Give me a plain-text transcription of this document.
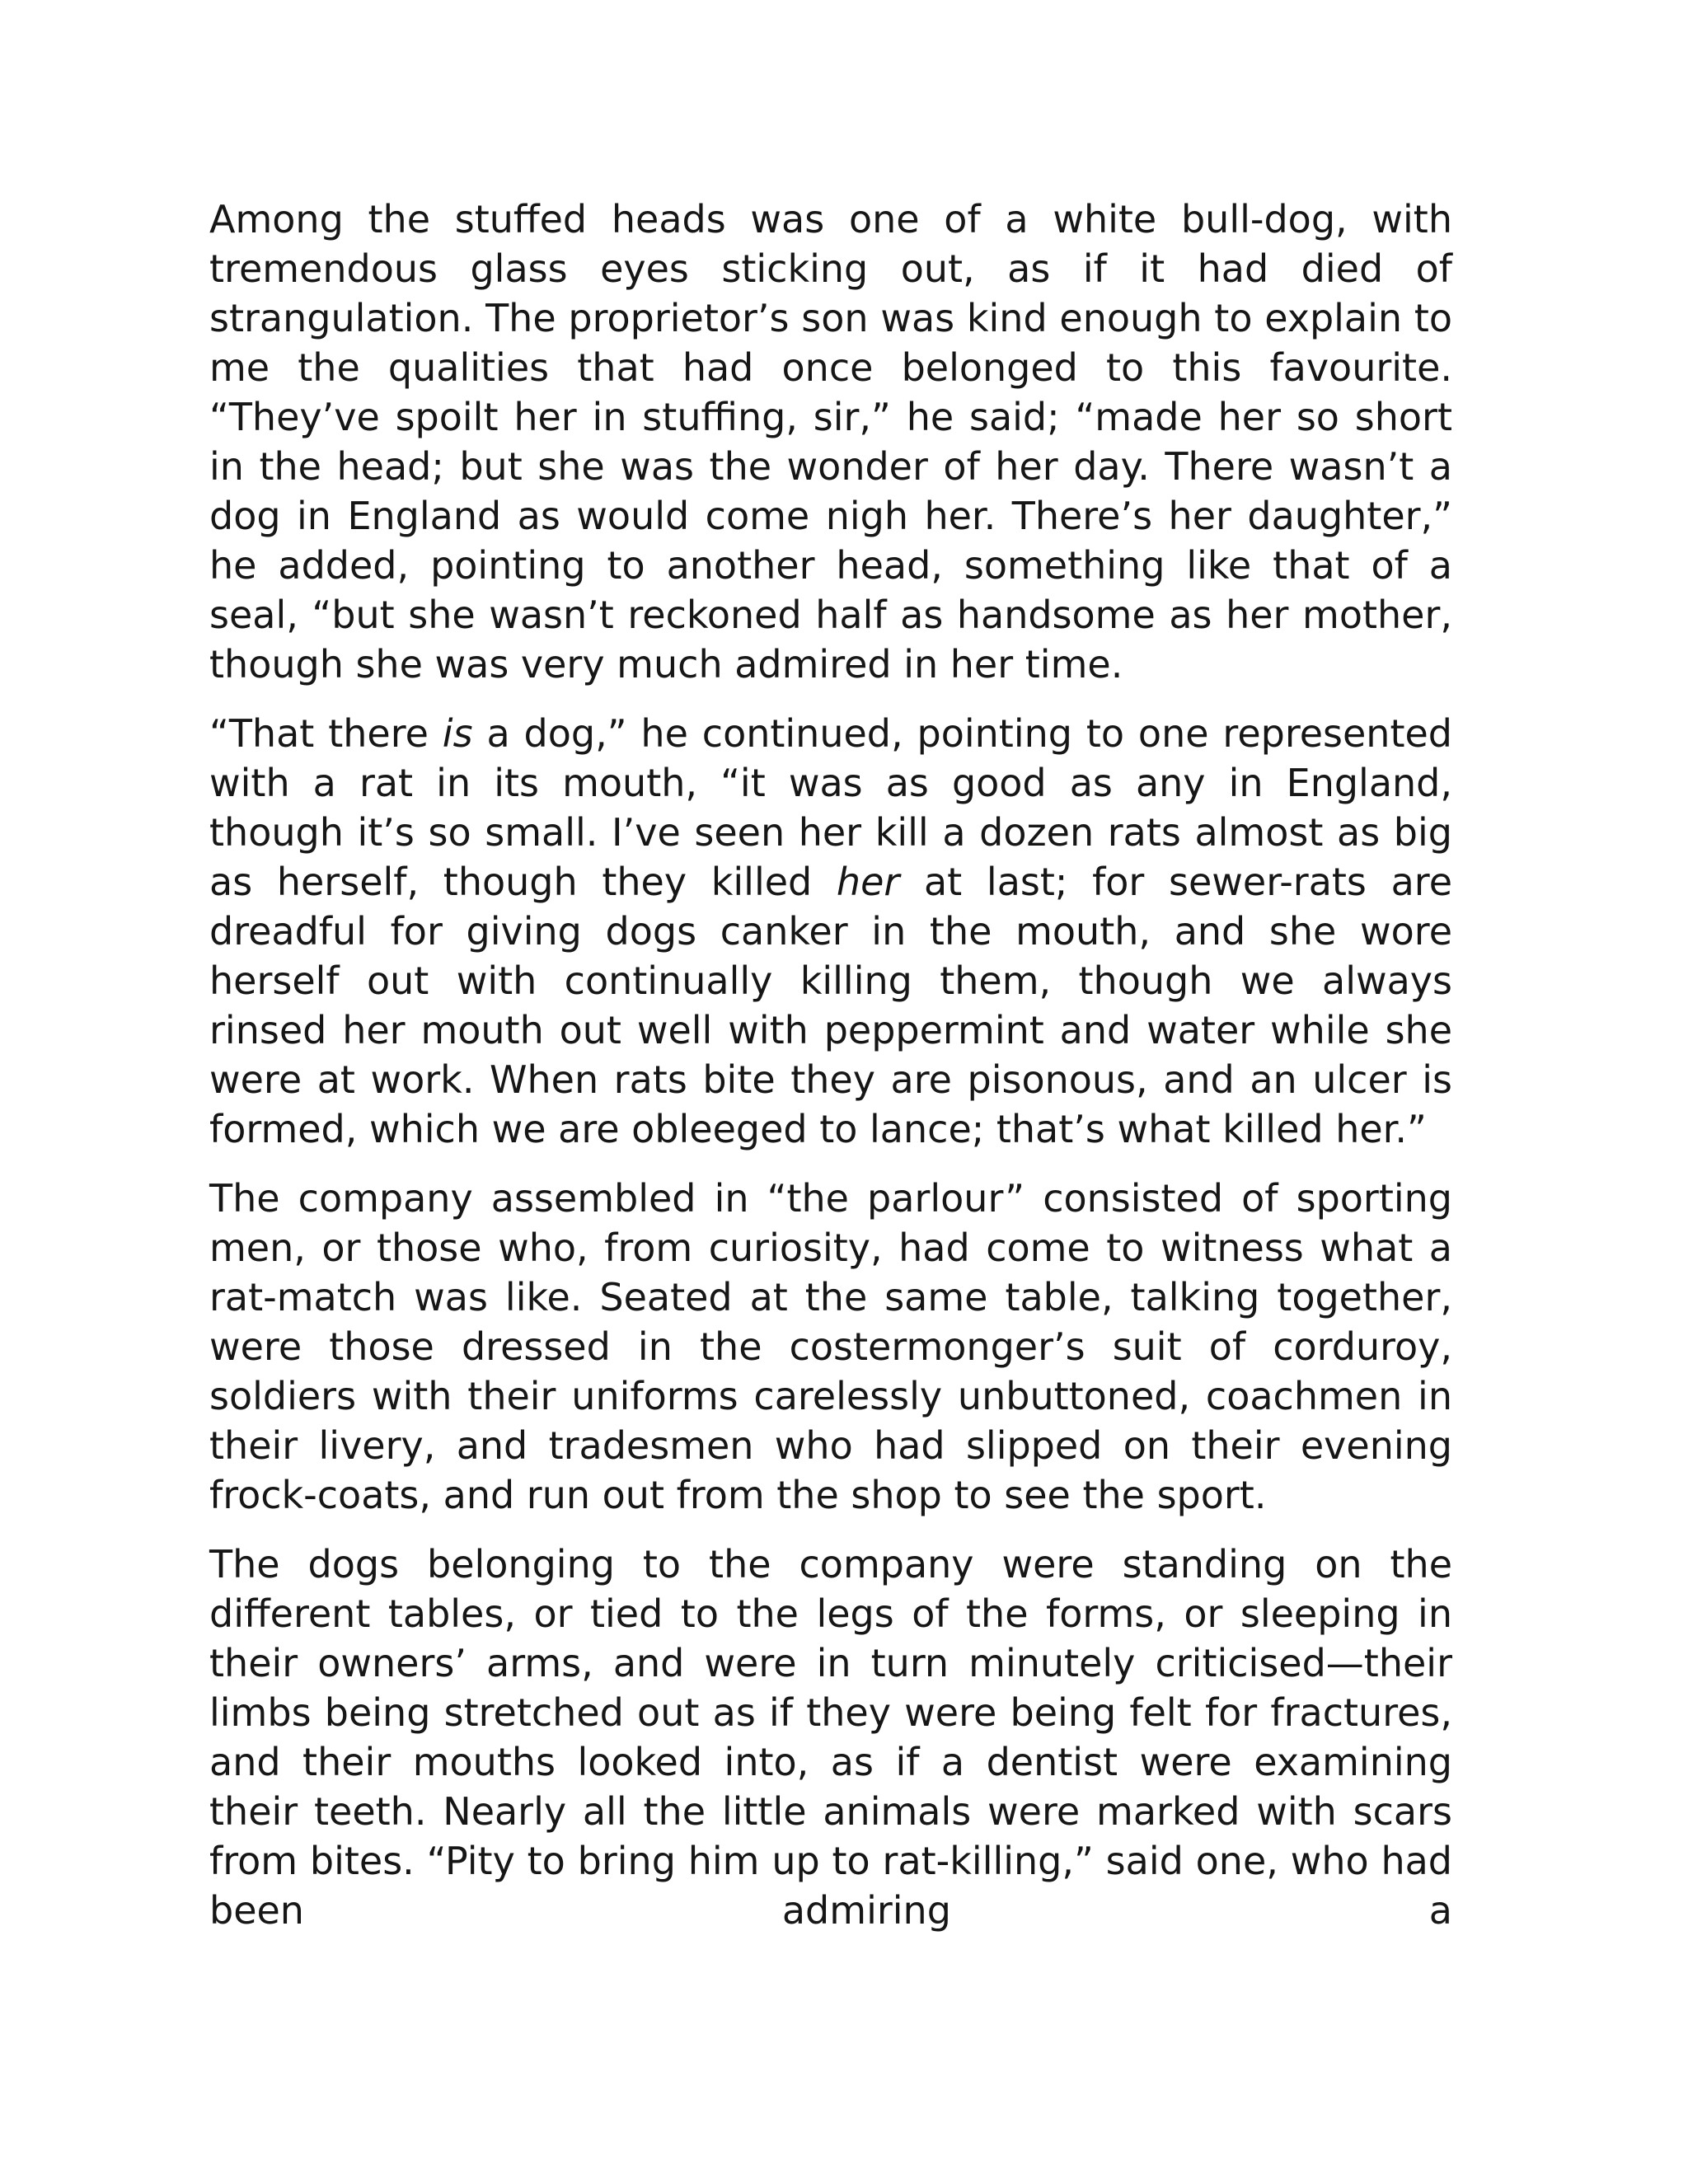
Among the stuffed heads was one of a white bull-dog, with tremendous glass eyes sticking out, as if it had died of strangulation. The proprietor’s son was kind enough to explain to me the qualities that had once belonged to this favourite. “They’ve spoilt her in stuffing, sir,” he said; “made her so short in the head; but she was the wonder of her day. There wasn’t a dog in England as would come nigh her. There’s her daughter,” he added, pointing to another head, something like that of a seal, “but she wasn’t reckoned half as handsome as her mother, though she was very much admired in her time.

“That there is a dog,” he continued, pointing to one represented with a rat in its mouth, “it was as good as any in England, though it’s so small. I’ve seen her kill a dozen rats almost as big as herself, though they killed her at last; for sewer-rats are dreadful for giving dogs canker in the mouth, and she wore herself out with continually killing them, though we always rinsed her mouth out well with peppermint and water while she were at work. When rats bite they are pisonous, and an ulcer is formed, which we are obleeged to lance; that’s what killed her.”

The company assembled in “the parlour” consisted of sporting men, or those who, from curiosity, had come to witness what a rat-match was like. Seated at the same table, talking together, were those dressed in the costermonger’s suit of corduroy, soldiers with their uniforms carelessly unbuttoned, coachmen in their livery, and tradesmen who had slipped on their evening frock-coats, and run out from the shop to see the sport.

The dogs belonging to the company were standing on the different tables, or tied to the legs of the forms, or sleeping in their owners’ arms, and were in turn minutely criticised—their limbs being stretched out as if they were being felt for fractures, and their mouths looked into, as if a dentist were examining their teeth. Nearly all the little animals were marked with scars from bites. “Pity to bring him up to rat-killing,” said one, who had been admiring a
